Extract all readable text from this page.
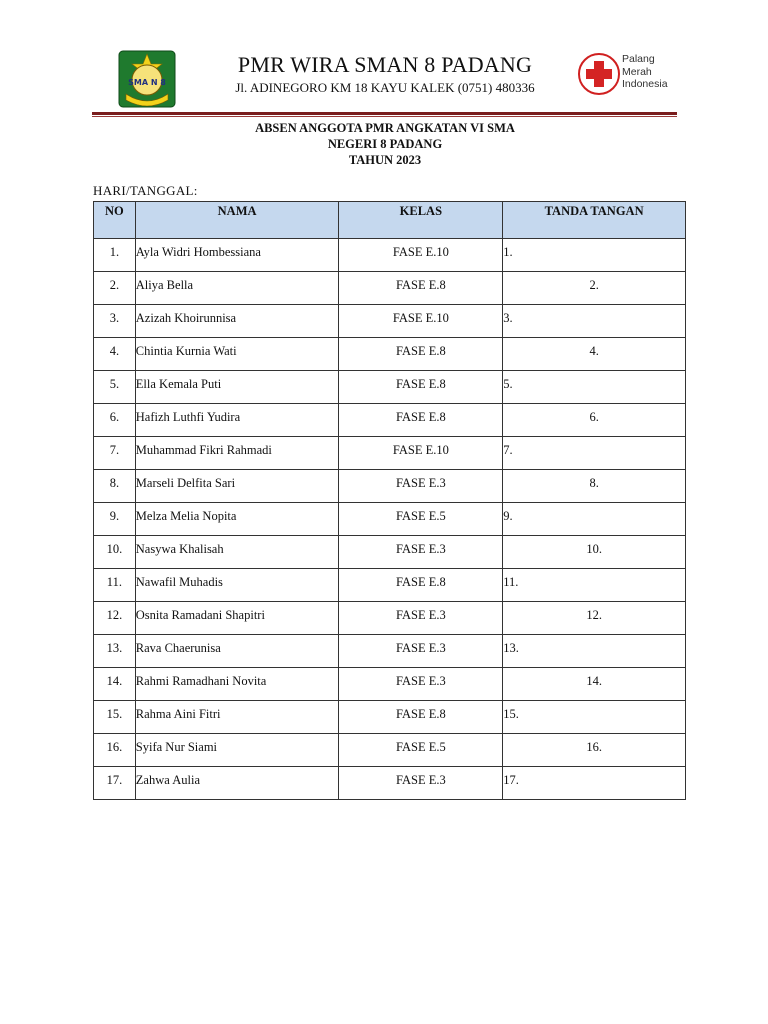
SMA N 8
PMR WIRA SMAN 8 PADANG
Jl. ADINEGORO KM 18 KAYU KALEK (0751) 480336
Palang
Merah
Indonesia
ABSEN ANGGOTA PMR ANGKATAN VI SMA
NEGERI 8 PADANG
TAHUN 2023
HARI/TANGGAL:
NO	NAMA	KELAS	TANDA TANGAN
1.	Ayla Widri Hombessiana	FASE E.10	1.
2.	Aliya Bella	FASE E.8	2.
3.	Azizah Khoirunnisa	FASE E.10	3.
4.	Chintia Kurnia Wati	FASE E.8	4.
5.	Ella Kemala Puti	FASE E.8	5.
6.	Hafizh Luthfi Yudira	FASE E.8	6.
7.	Muhammad Fikri Rahmadi	FASE E.10	7.
8.	Marseli Delfita Sari	FASE E.3	8.
9.	Melza Melia Nopita	FASE E.5	9.
10.	Nasywa Khalisah	FASE E.3	10.
11.	Nawafil Muhadis	FASE E.8	11.
12.	Osnita Ramadani Shapitri	FASE E.3	12.
13.	Rava Chaerunisa	FASE E.3	13.
14.	Rahmi Ramadhani Novita	FASE E.3	14.
15.	Rahma Aini Fitri	FASE E.8	15.
16.	Syifa Nur Siami	FASE E.5	16.
17.	Zahwa Aulia	FASE E.3	17.
